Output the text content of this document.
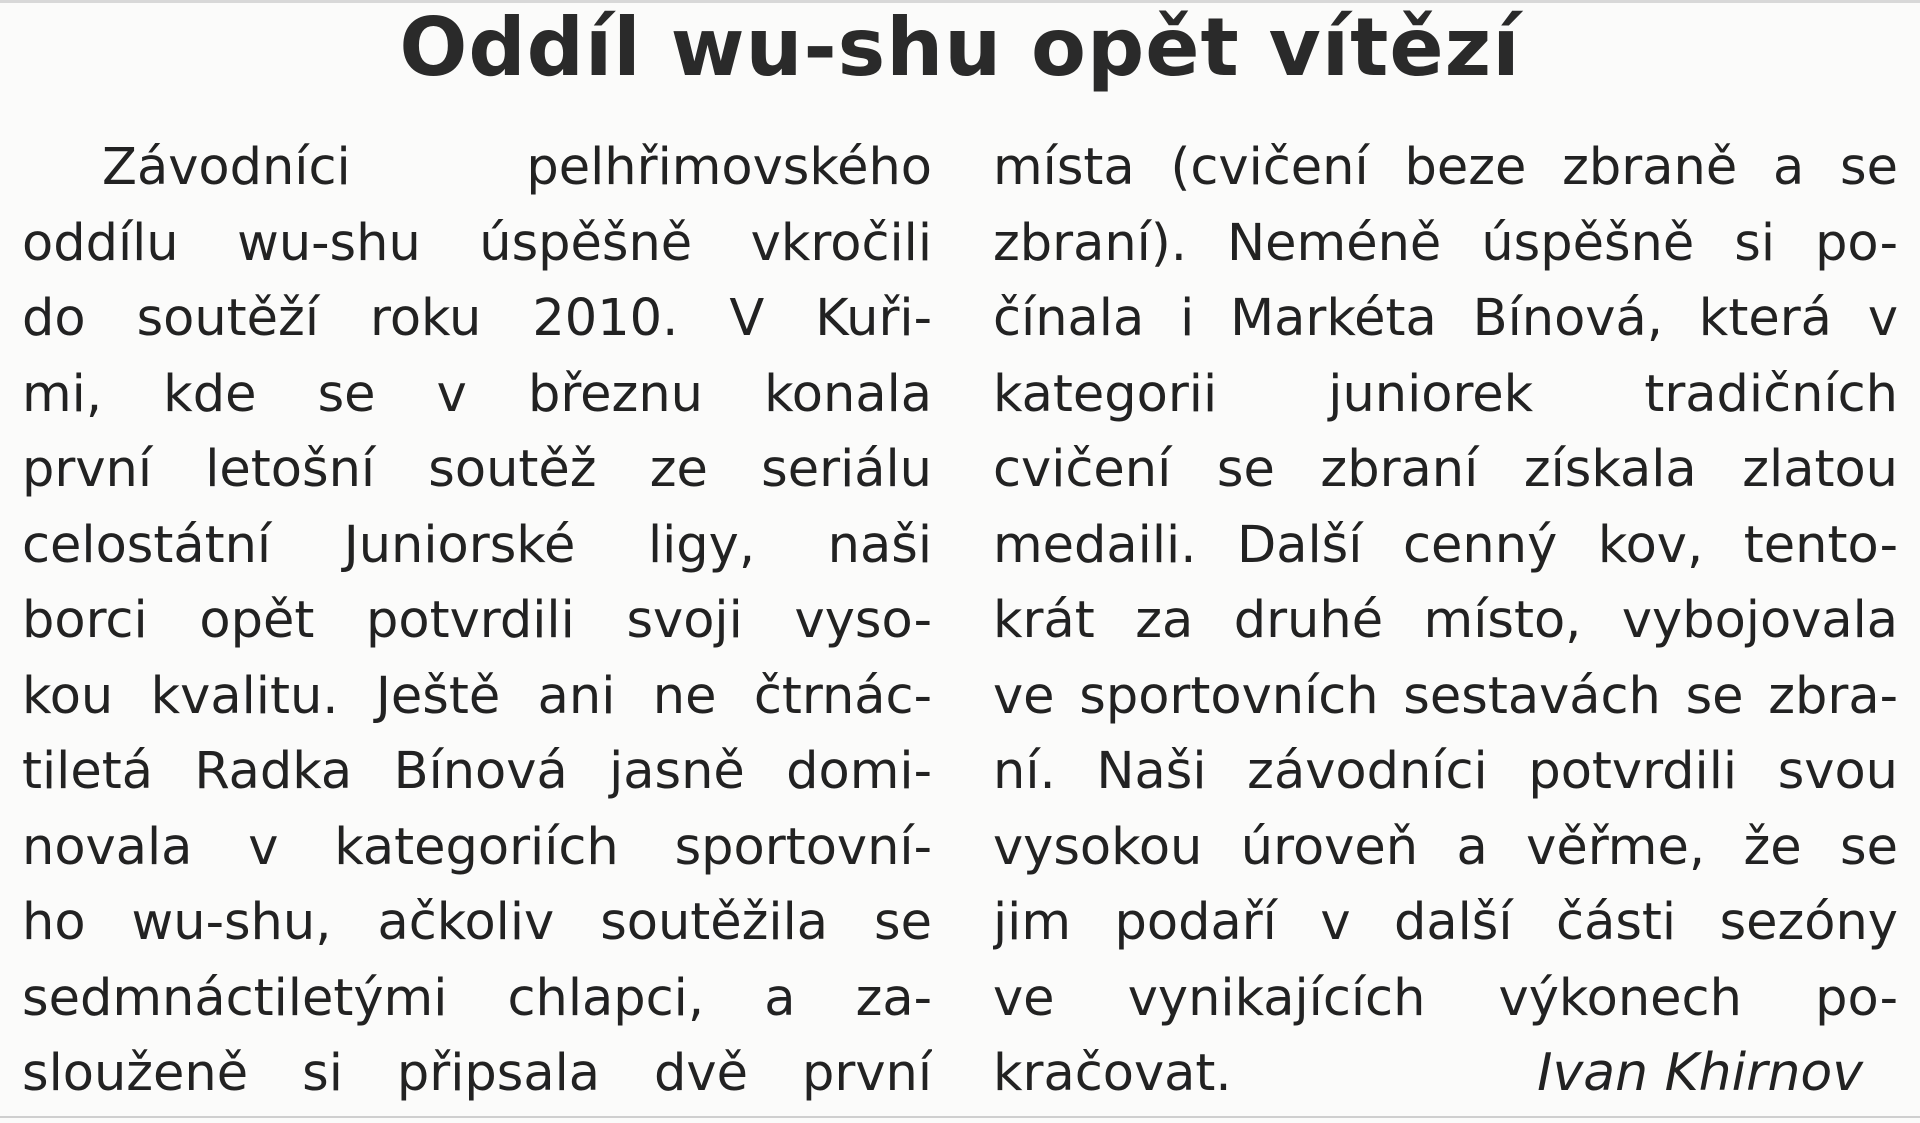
Oddíl wu-shu opět vítězí
Závodníci pelhřimovského
oddílu wu-shu úspěšně vkročili
do soutěží roku 2010. V Kuři-
mi, kde se v březnu konala
první letošní soutěž ze seriálu
celostátní Juniorské ligy, naši
borci opět potvrdili svoji vyso-
kou kvalitu. Ještě ani ne čtrnác-
tiletá Radka Bínová jasně domi-
novala v kategoriích sportovní-
ho wu-shu, ačkoliv soutěžila se
sedmnáctiletými chlapci, a za-
slouženě si připsala dvě první
místa (cvičení beze zbraně a se
zbraní). Neméně úspěšně si po-
čínala i Markéta Bínová, která v
kategorii juniorek tradičních
cvičení se zbraní získala zlatou
medaili. Další cenný kov, tento-
krát za druhé místo, vybojovala
ve sportovních sestavách se zbra-
ní. Naši závodníci potvrdili svou
vysokou úroveň a věřme, že se
jim podaří v další části sezóny
ve vynikajících výkonech po-
kračovat.	Ivan Khirnov
